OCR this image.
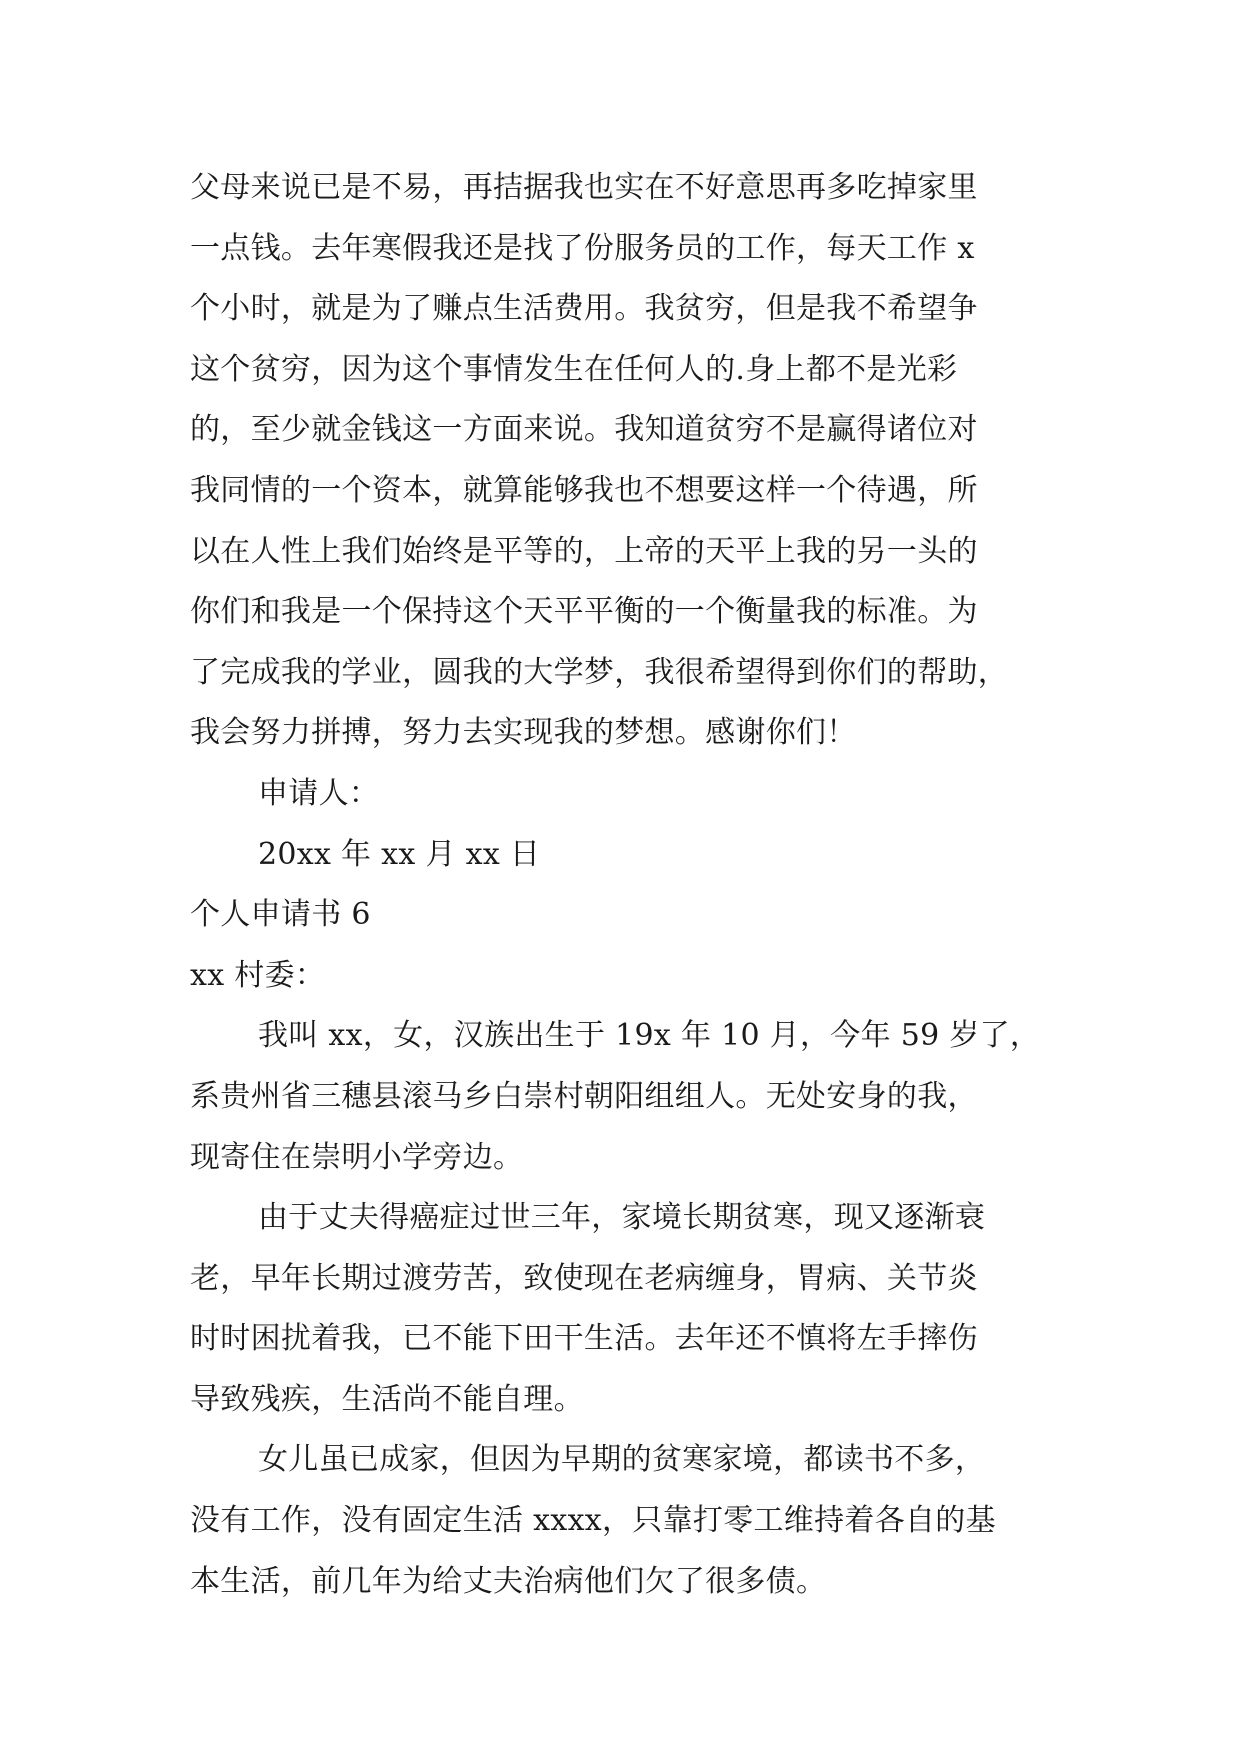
父母来说已是不易，再拮据我也实在不好意思再多吃掉家里
一点钱。去年寒假我还是找了份服务员的工作，每天工作 x
个小时，就是为了赚点生活费用。我贫穷，但是我不希望争
这个贫穷，因为这个事情发生在任何人的.身上都不是光彩
的，至少就金钱这一方面来说。我知道贫穷不是赢得诸位对
我同情的一个资本，就算能够我也不想要这样一个待遇，所
以在人性上我们始终是平等的，上帝的天平上我的另一头的
你们和我是一个保持这个天平平衡的一个衡量我的标准。为
了完成我的学业，圆我的大学梦，我很希望得到你们的帮助，
我会努力拼搏，努力去实现我的梦想。感谢你们！
申请人：
20xx 年 xx 月 xx 日
个人申请书 6
xx 村委：
我叫 xx，女，汉族出生于 19x 年 10 月，今年 59 岁了，
系贵州省三穗县滚马乡白崇村朝阳组组人。无处安身的我，
现寄住在崇明小学旁边。
由于丈夫得癌症过世三年，家境长期贫寒，现又逐渐衰
老，早年长期过渡劳苦，致使现在老病缠身，胃病、关节炎
时时困扰着我，已不能下田干生活。去年还不慎将左手摔伤
导致残疾，生活尚不能自理。
女儿虽已成家，但因为早期的贫寒家境，都读书不多，
没有工作，没有固定生活 xxxx，只靠打零工维持着各自的基
本生活，前几年为给丈夫治病他们欠了很多债。
